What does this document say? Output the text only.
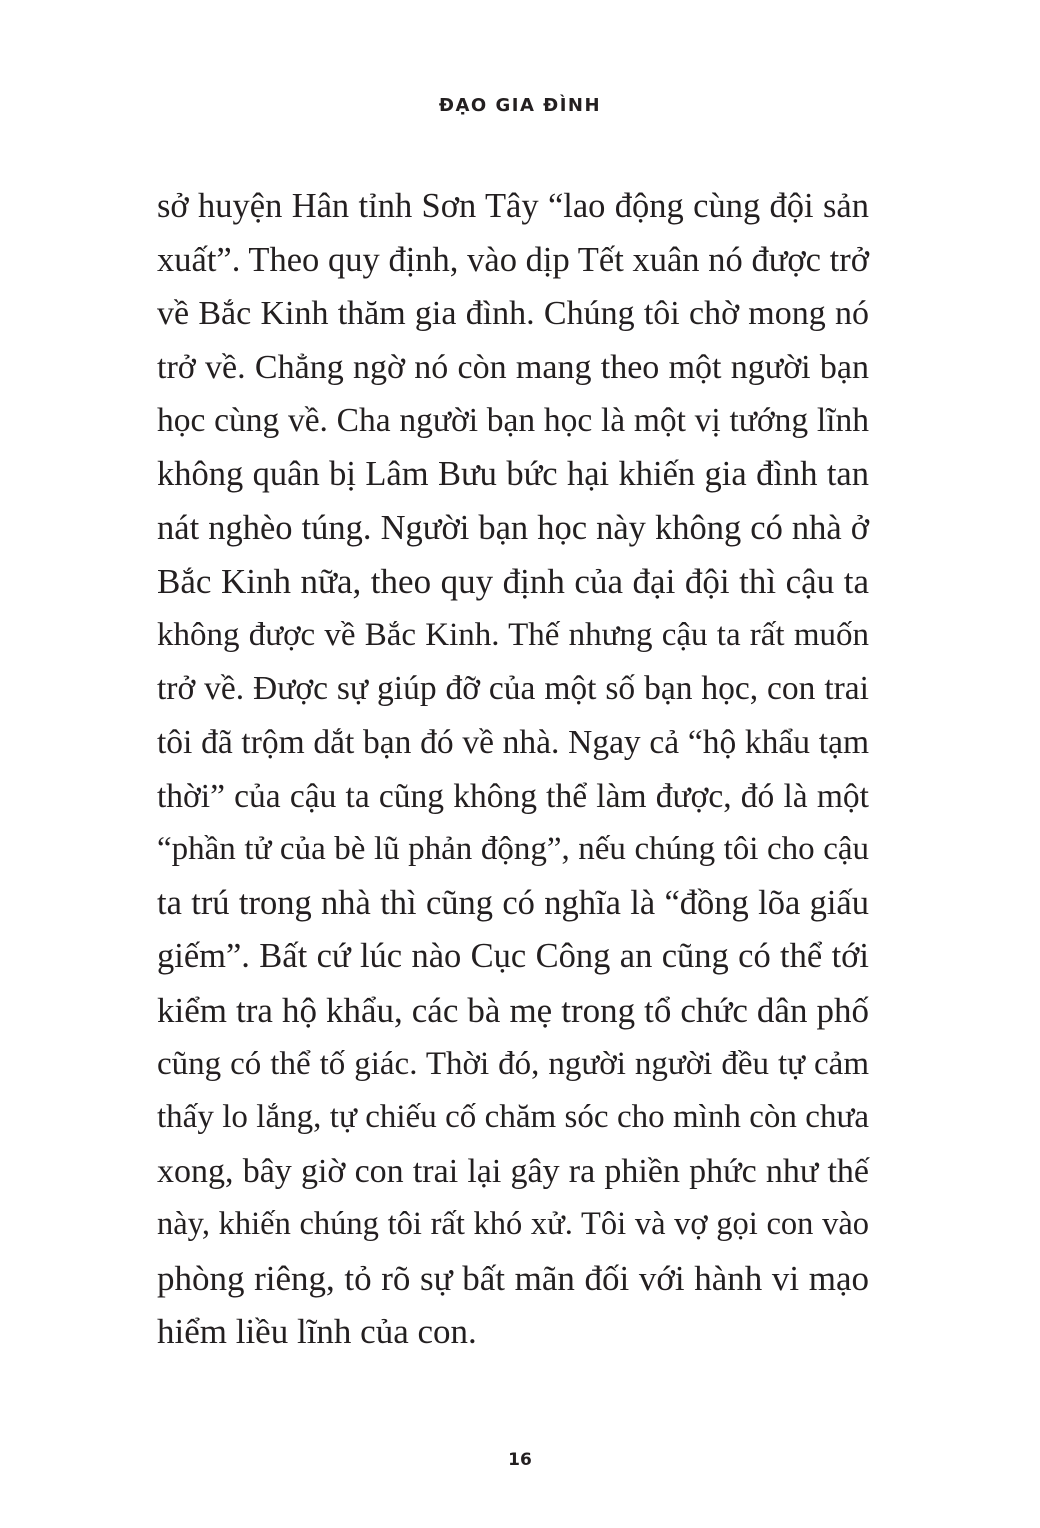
ĐẠO GIA ĐÌNH
sở huyện Hân tỉnh Sơn Tây “lao động cùng đội sản
xuất”. Theo quy định, vào dịp Tết xuân nó được trở
về Bắc Kinh thăm gia đình. Chúng tôi chờ mong nó
trở về. Chẳng ngờ nó còn mang theo một người bạn
học cùng về. Cha người bạn học là một vị tướng lĩnh
không quân bị Lâm Bưu bức hại khiến gia đình tan
nát nghèo túng. Người bạn học này không có nhà ở
Bắc Kinh nữa, theo quy định của đại đội thì cậu ta
không được về Bắc Kinh. Thế nhưng cậu ta rất muốn
trở về. Được sự giúp đỡ của một số bạn học, con trai
tôi đã trộm dắt bạn đó về nhà. Ngay cả “hộ khẩu tạm
thời” của cậu ta cũng không thể làm được, đó là một
“phần tử của bè lũ phản động”, nếu chúng tôi cho cậu
ta trú trong nhà thì cũng có nghĩa là “đồng lõa giấu
giếm”. Bất cứ lúc nào Cục Công an cũng có thể tới
kiểm tra hộ khẩu, các bà mẹ trong tổ chức dân phố
cũng có thể tố giác. Thời đó, người người đều tự cảm
thấy lo lắng, tự chiếu cố chăm sóc cho mình còn chưa
xong, bây giờ con trai lại gây ra phiền phức như thế
này, khiến chúng tôi rất khó xử. Tôi và vợ gọi con vào
phòng riêng, tỏ rõ sự bất mãn đối với hành vi mạo
hiểm liều lĩnh của con.
16
